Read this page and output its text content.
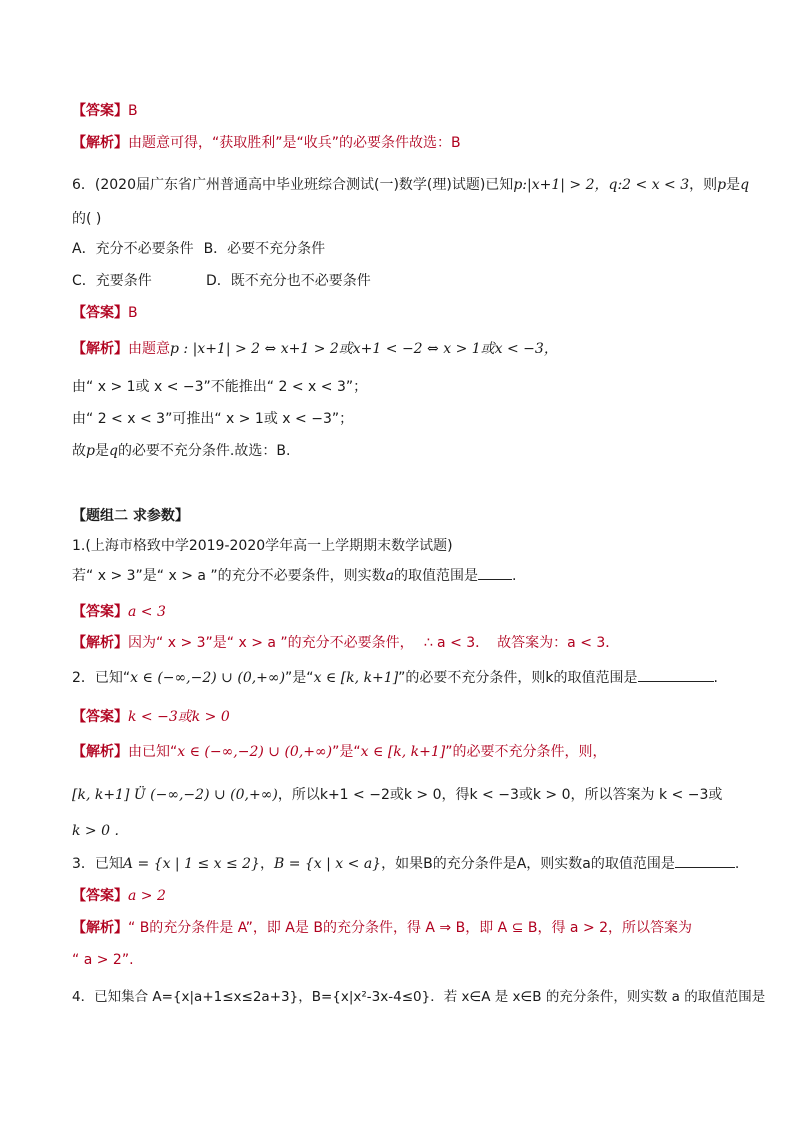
【答案】B
【解析】由题意可得，“获取胜利”是“收兵”的必要条件故选：B
6．(2020届广东省广州普通高中毕业班综合测试(一)数学(理)试题)已知p:|x+1| > 2，q:2 < x < 3，则p是q
的( )
A．充分不必要条件 B．必要不充分条件
C．充要条件	D．既不充分也不必要条件
【答案】B
【解析】由题意p : |x+1| > 2 ⇔ x+1 > 2或x+1 < −2 ⇔ x > 1或x < −3，
由“ x > 1或 x < −3”不能推出“ 2 < x < 3”；
由“ 2 < x < 3”可推出“ x > 1或 x < −3”；
故p是q的必要不充分条件.故选：B.
【题组二 求参数】
1.(上海市格致中学2019-2020学年高一上学期期末数学试题)
若“ x > 3”是“ x > a ”的充分不必要条件，则实数a的取值范围是 .
【答案】a < 3
【解析】因为“ x > 3”是“ x > a ”的充分不必要条件， ∴ a < 3． 故答案为：a < 3．
2．已知“x ∈ (−∞,−2) ∪ (0,+∞)”是“x ∈ [k, k+1]”的必要不充分条件，则k的取值范围是	.
【答案】k < −3或k > 0
【解析】由已知“x ∈ (−∞,−2) ∪ (0,+∞)”是“x ∈ [k, k+1]”的必要不充分条件，则，
[k, k+1] Ü (−∞,−2) ∪ (0,+∞)，所以k+1 < −2或k > 0，得k < −3或k > 0，所以答案为 k < −3或
k > 0 .
3．已知A = {x | 1 ≤ x ≤ 2}，B = {x | x < a}，如果B的充分条件是A，则实数a的取值范围是	.
【答案】a > 2
【解析】“ B的充分条件是 A”，即 A是 B的充分条件，得 A ⇒ B，即 A ⊆ B，得 a > 2，所以答案为
“ a > 2”.
4．已知集合 A={x|a+1≤x≤2a+3}，B={x|x²-3x-4≤0}．若 x∈A 是 x∈B 的充分条件，则实数 a 的取值范围是
